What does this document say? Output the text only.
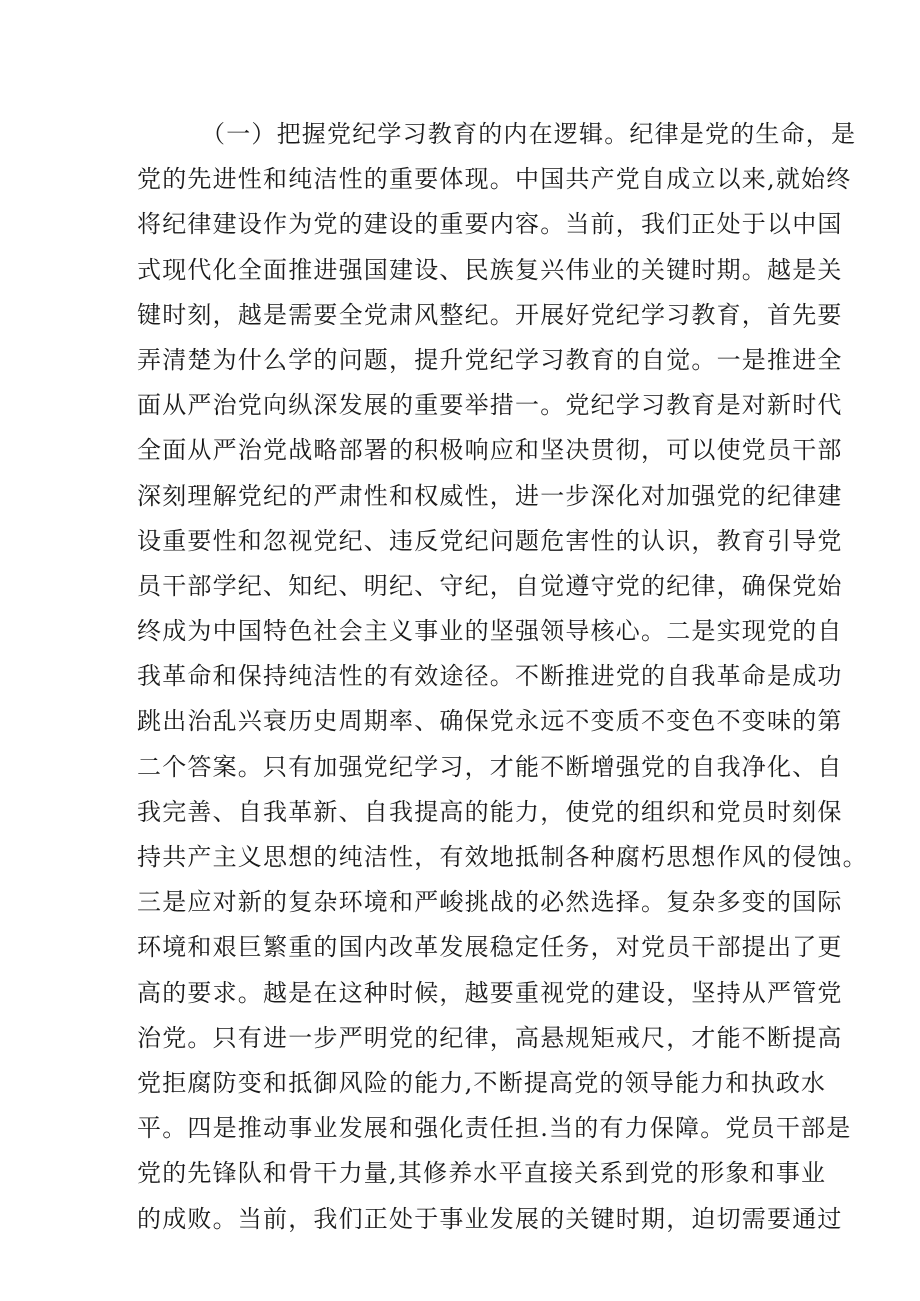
（一）把握党纪学习教育的内在逻辑。纪律是党的生命，是
党的先进性和纯洁性的重要体现。中国共产党自成立以来,就始终
将纪律建设作为党的建设的重要内容。当前，我们正处于以中国
式现代化全面推进强国建设、民族复兴伟业的关键时期。越是关
键时刻，越是需要全党肃风整纪。开展好党纪学习教育，首先要
弄清楚为什么学的问题，提升党纪学习教育的自觉。一是推进全
面从严治党向纵深发展的重要举措一。党纪学习教育是对新时代
全面从严治党战略部署的积极响应和坚决贯彻，可以使党员干部
深刻理解党纪的严肃性和权威性，进一步深化对加强党的纪律建
设重要性和忽视党纪、违反党纪问题危害性的认识，教育引导党
员干部学纪、知纪、明纪、守纪，自觉遵守党的纪律，确保党始
终成为中国特色社会主义事业的坚强领导核心。二是实现党的自
我革命和保持纯洁性的有效途径。不断推进党的自我革命是成功
跳出治乱兴衰历史周期率、确保党永远不变质不变色不变味的第
二个答案。只有加强党纪学习，才能不断增强党的自我净化、自
我完善、自我革新、自我提高的能力，使党的组织和党员时刻保
持共产主义思想的纯洁性，有效地抵制各种腐朽思想作风的侵蚀。
三是应对新的复杂环境和严峻挑战的必然选择。复杂多变的国际
环境和艰巨繁重的国内改革发展稳定任务，对党员干部提出了更
高的要求。越是在这种时候，越要重视党的建设，坚持从严管党
治党。只有进一步严明党的纪律，高悬规矩戒尺，才能不断提高
党拒腐防变和抵御风险的能力,不断提高党的领导能力和执政水
平。四是推动事业发展和强化责任担.当的有力保障。党员干部是
党的先锋队和骨干力量,其修养水平直接关系到党的形象和事业
的成败。当前，我们正处于事业发展的关键时期，迫切需要通过
